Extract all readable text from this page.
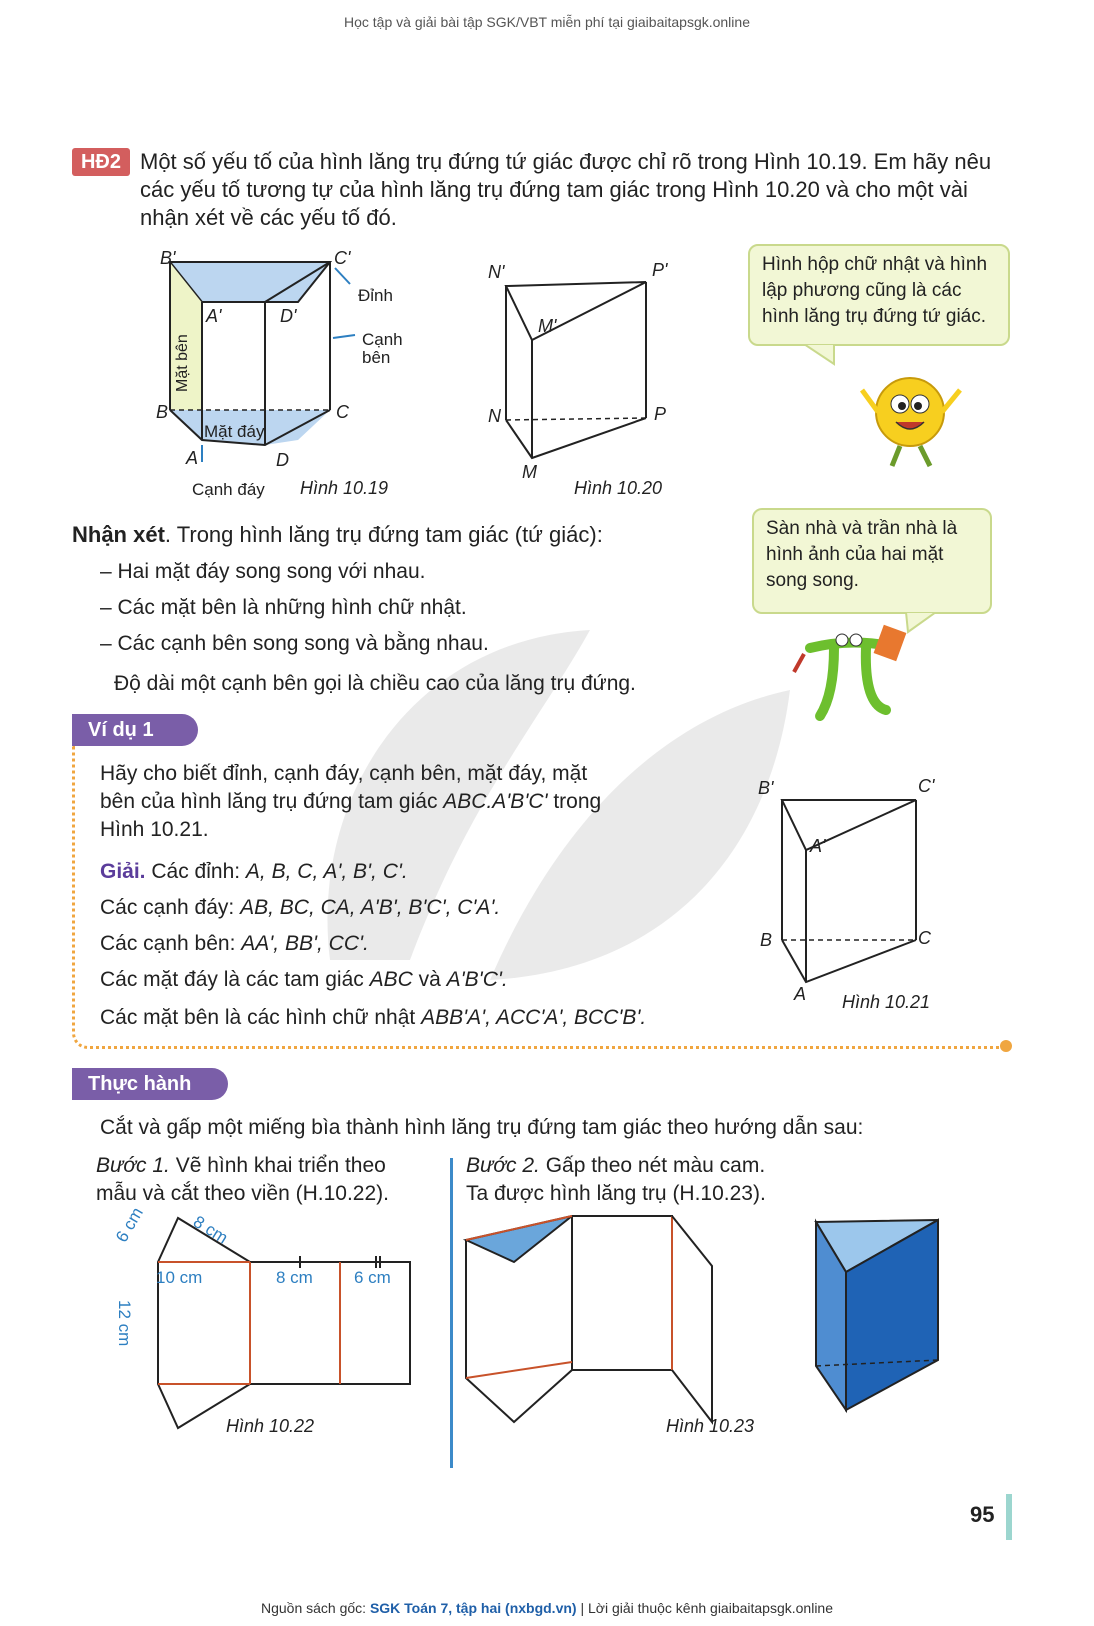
Học tập và giải bài tập SGK/VBT miễn phí tại giaibaitapsgk.online
HĐ2 Một số yếu tố của hình lăng trụ đứng tứ giác được chỉ rõ trong Hình 10.19. Em hãy nêu các yếu tố tương tự của hình lăng trụ đứng tam giác trong Hình 10.20 và cho một vài nhận xét về các yếu tố đó.
B'	C'
A'	D'
B	C
A	D
Đỉnh
Cạnh
bên
Mặt bên
Mặt đáy
Cạnh đáy Hình 10.19
N'	P'
M'
N	P
M
Hình 10.20
Hình hộp chữ nhật và hình lập phương cũng là các hình lăng trụ đứng tứ giác.
Nhận xét. Trong hình lăng trụ đứng tam giác (tứ giác):
– Hai mặt đáy song song với nhau.
– Các mặt bên là những hình chữ nhật.
– Các cạnh bên song song và bằng nhau.
Độ dài một cạnh bên gọi là chiều cao của lăng trụ đứng.
Sàn nhà và trần nhà là hình ảnh của hai mặt song song.
Ví dụ 1
Hãy cho biết đỉnh, cạnh đáy, cạnh bên, mặt đáy, mặt
bên của hình lăng trụ đứng tam giác ABC.A'B'C' trong
Hình 10.21.
Giải. Các đỉnh: A, B, C, A', B', C'.
Các cạnh đáy: AB, BC, CA, A'B', B'C', C'A'.
Các cạnh bên: AA', BB', CC'.
Các mặt đáy là các tam giác ABC và A'B'C'.
Các mặt bên là các hình chữ nhật ABB'A', ACC'A', BCC'B'.
B'	C'
A'
B	C
A Hình 10.21
Thực hành
Cắt và gấp một miếng bìa thành hình lăng trụ đứng tam giác theo hướng dẫn sau:
Bước 1. Vẽ hình khai triển theo
mẫu và cắt theo viền (H.10.22).
Bước 2. Gấp theo nét màu cam.
Ta được hình lăng trụ (H.10.23).
6 cm	8 cm
10 cm	8 cm 6 cm
12 cm
Hình 10.22	Hình 10.23
95
Nguồn sách gốc: SGK Toán 7, tập hai (nxbgd.vn) | Lời giải thuộc kênh giaibaitapsgk.online
